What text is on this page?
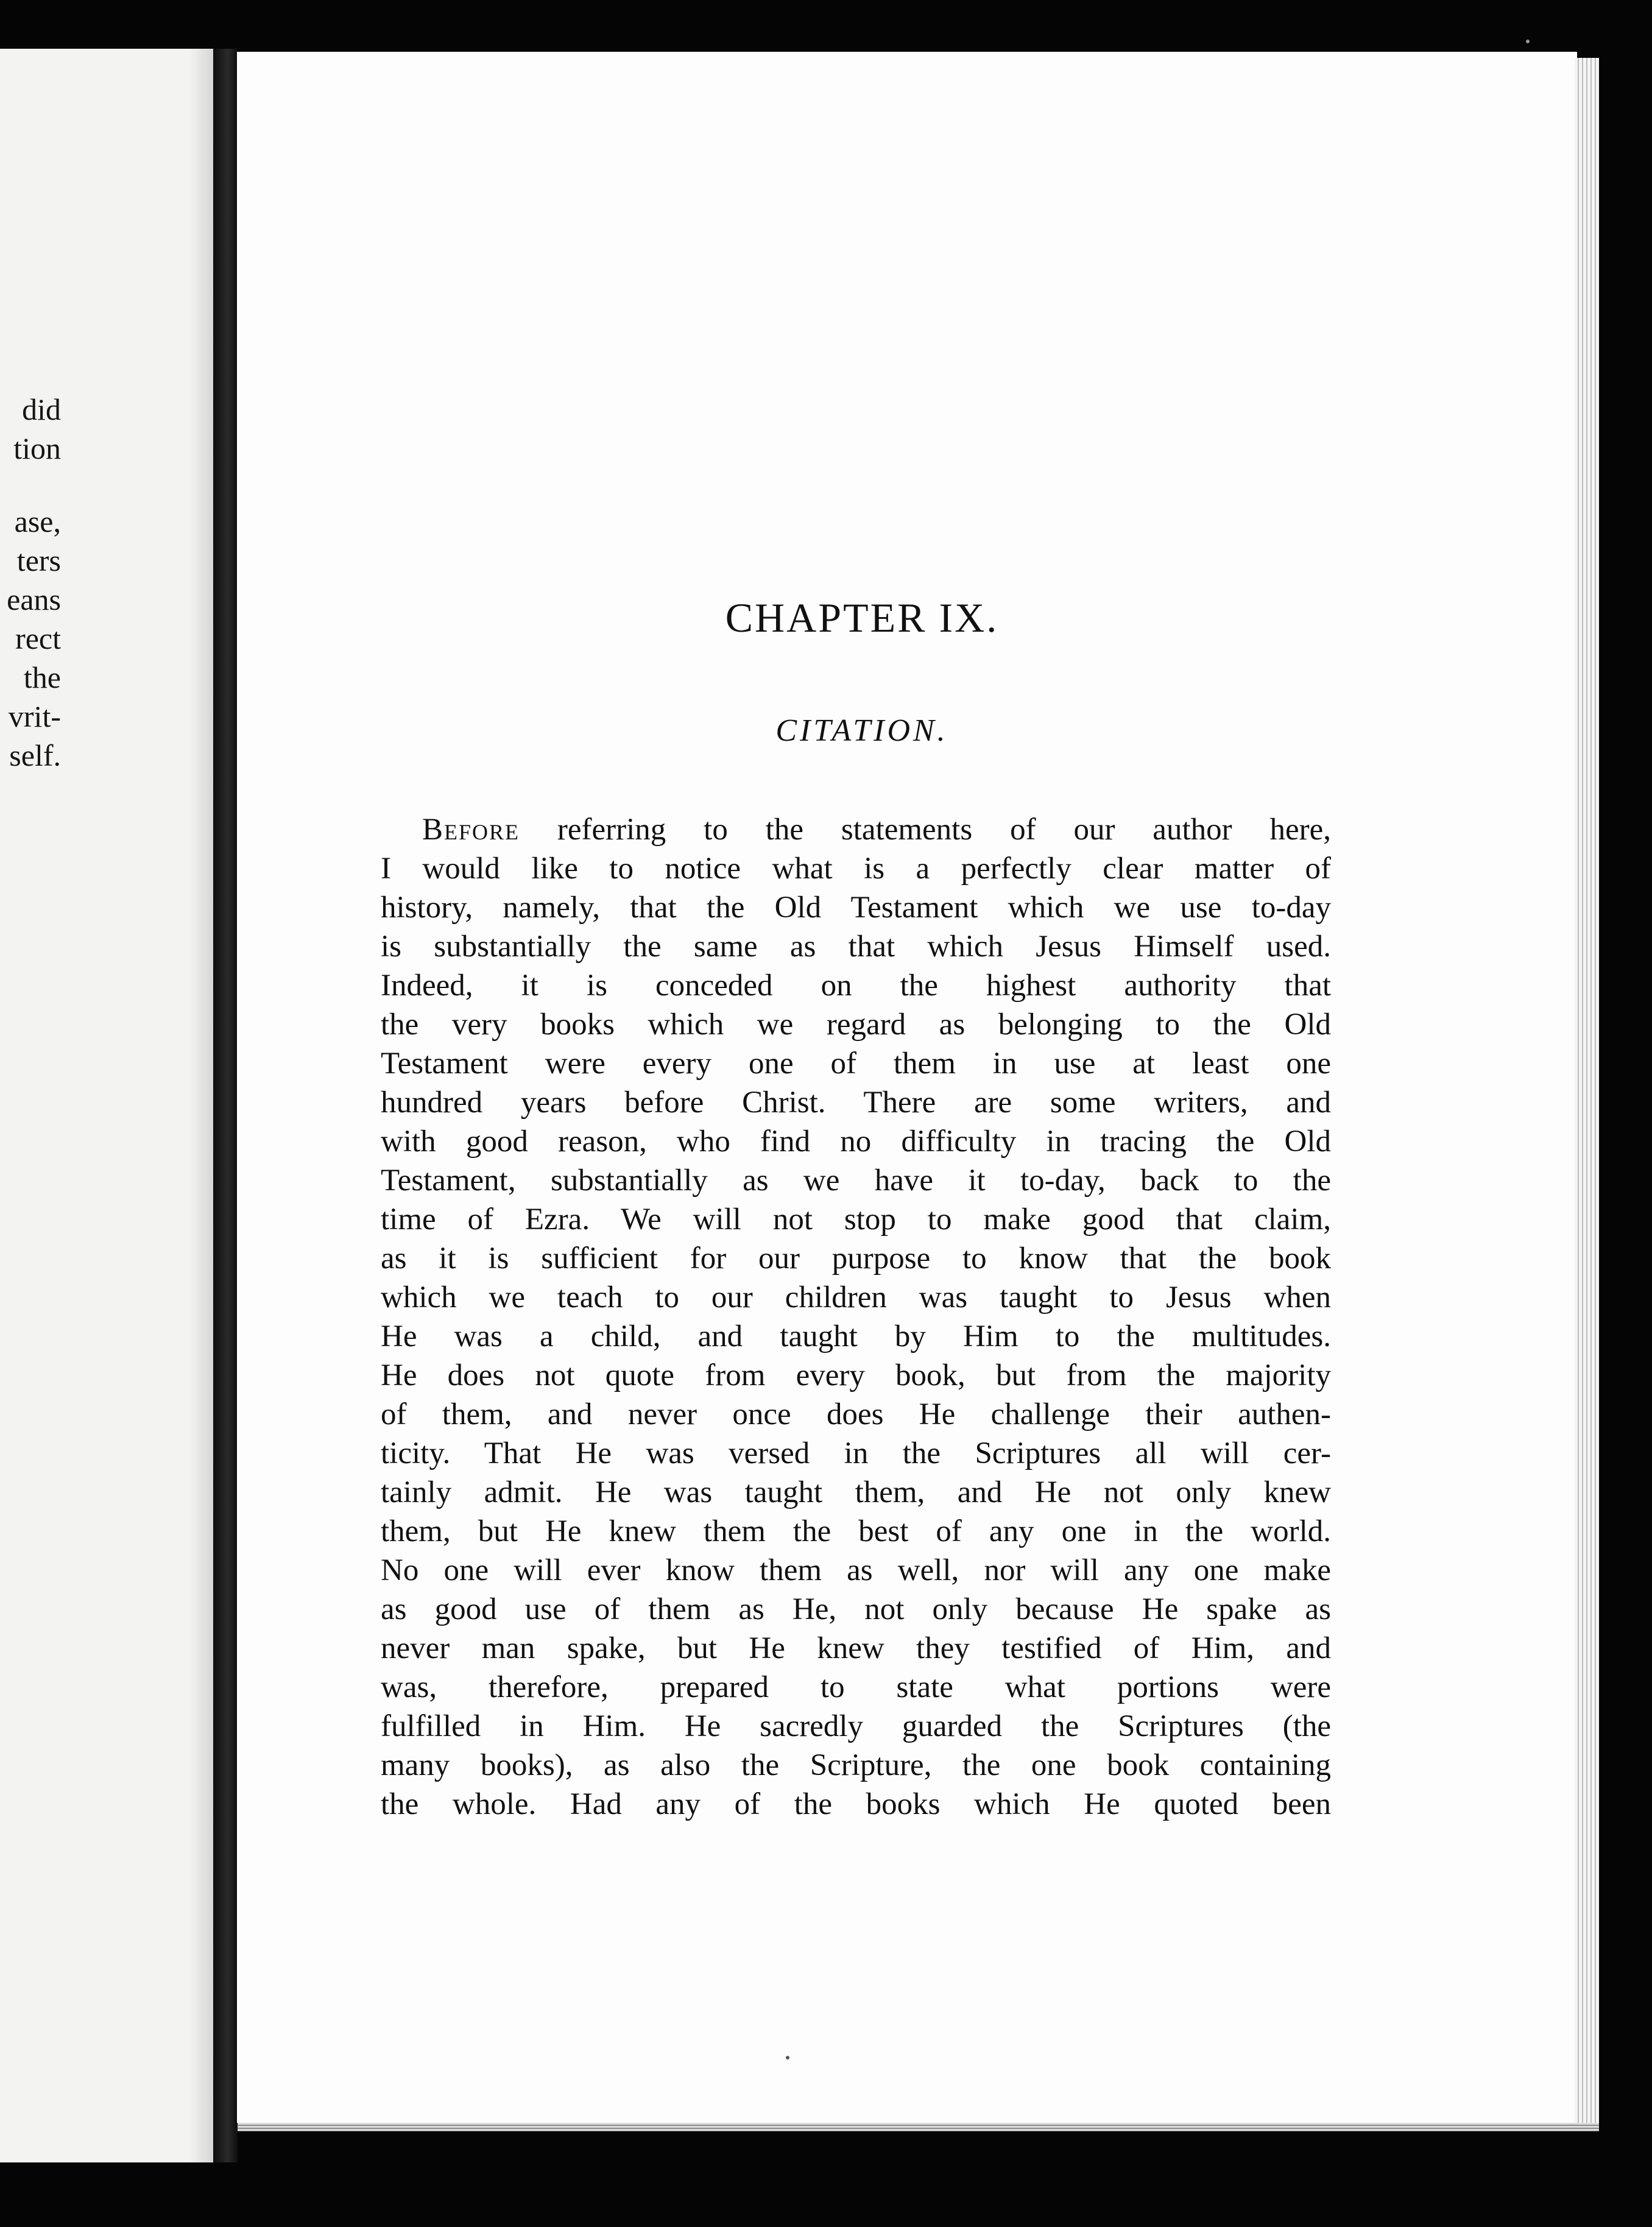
did
tion
ase,
ters
eans
rect
the
vrit-
self.
CHAPTER IX.
CITATION.
Before referring to the statements of our author here,
I would like to notice what is a perfectly clear matter of
history, namely, that the Old Testament which we use to-day
is substantially the same as that which Jesus Himself used.
Indeed, it is conceded on the highest authority that
the very books which we regard as belonging to the Old
Testament were every one of them in use at least one
hundred years before Christ. There are some writers, and
with good reason, who find no difficulty in tracing the Old
Testament, substantially as we have it to-day, back to the
time of Ezra. We will not stop to make good that claim,
as it is sufficient for our purpose to know that the book
which we teach to our children was taught to Jesus when
He was a child, and taught by Him to the multitudes.
He does not quote from every book, but from the majority
of them, and never once does He challenge their authen-
ticity. That He was versed in the Scriptures all will cer-
tainly admit. He was taught them, and He not only knew
them, but He knew them the best of any one in the world.
No one will ever know them as well, nor will any one make
as good use of them as He, not only because He spake as
never man spake, but He knew they testified of Him, and
was, therefore, prepared to state what portions were
fulfilled in Him. He sacredly guarded the Scriptures (the
many books), as also the Scripture, the one book containing
the whole. Had any of the books which He quoted been
